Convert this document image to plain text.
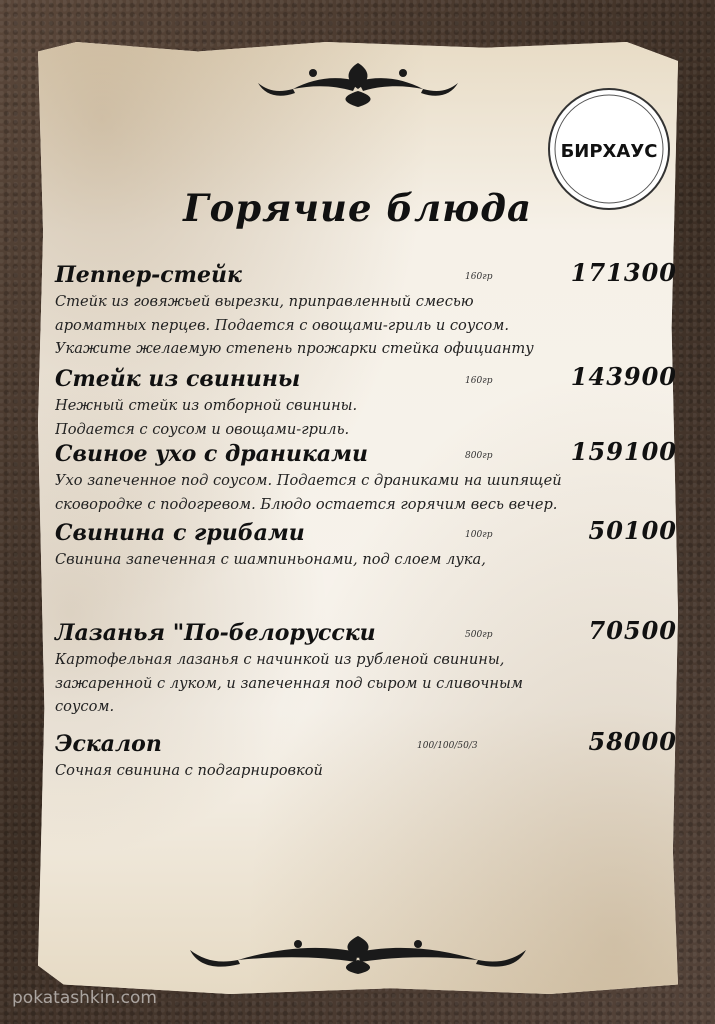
БИРХАУС
Горячие блюда
Пеппер-стейк	160гр	171300
Стейк из говяжьей вырезки, приправленный смесью
ароматных перцев. Подается с овощами-гриль и соусом.
Укажите желаемую степень прожарки стейка официанту
Стейк из свинины	160гр	143900
Нежный стейк из отборной свинины.
Подается с соусом и овощами-гриль.
Свиное ухо с драниками	800гр	159100
Ухо запеченное под соусом. Подается с драниками на шипящей
сковородке с подогревом. Блюдо остается горячим весь вечер.
Свинина с грибами	100гр	50100
Свинина запеченная с шампиньонами, под слоем лука,
Лазанья "По-белорусски	500гр	70500
Картофельная лазанья с начинкой из рубленой свинины,
зажаренной с луком, и запеченная под сыром и сливочным
соусом.
Эскалоп	100/100/50/3	58000
Сочная свинина с подгарнировкой
pokatashkin.com
